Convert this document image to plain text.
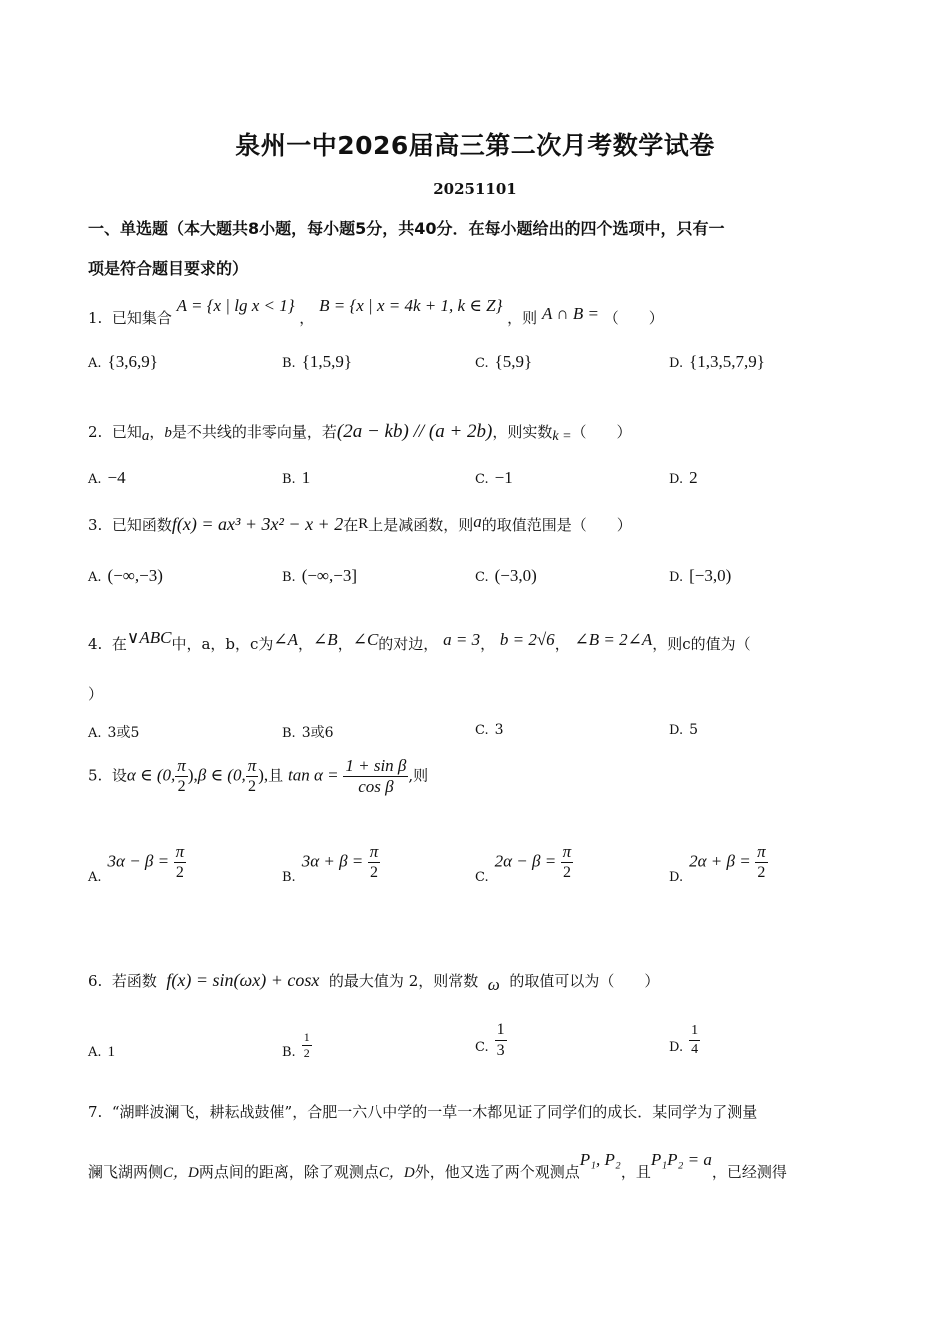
泉州一中2026届高三第二次月考数学试卷
20251101
一、单选题（本大题共8小题，每小题5分，共40分．在每小题给出的四个选项中，只有一
项是符合题目要求的）
1. 已知集合 A = {x | lg x < 1} ， B = {x | x = 4k + 1, k ∈ Z} ，则 A ∩ B = （　　）
A. {3,6,9}	B. {1,5,9}	C. {5,9}	D. {1,3,5,7,9}
2. 已知a，b是不共线的非零向量，若(2a − kb) // (a + 2b)，则实数k =（　　）
A. −4	B. 1	C. −1	D. 2
3. 已知函数f(x) = ax³ + 3x² − x + 2在R上是减函数，则a的取值范围是（　　）
A. (−∞,−3)	B. (−∞,−3]	C. (−3,0)	D. [−3,0)
4. 在∨ABC中，a，b，c为∠A，∠B，∠C的对边， a = 3， b = 2√6， ∠B = 2∠A，则c的值为（
）
A. 3或5	B. 3或6	C. 3	D. 5
5. 设α ∈ (0, $\frac{\pi}{2} ),\beta$ ∈ (0, $\frac{\pi}{2}$ ),且 $\tan \alpha = \frac{\text{1 + sin β}}{\text{cos β}}$ ,则
$A.3\alpha - \beta = \frac{\pi}{2}$	$B.3\alpha + \beta = \frac{\pi}{2}$	$C.2\alpha - \beta = \frac{\pi}{2}$	$D.2\alpha + \beta = \frac{\pi}{2}$
6. 若函数 f(x) = sin(ωx) + cosx 的最大值为 2，则常数 ω 的取值可以为（　　）
A. 1	B. $\frac{1}{2}$	C. $\frac{1}{3}$	D. $\frac{1}{4}$
7. “湖畔波澜飞，耕耘战鼓催”，合肥一六八中学的一草一木都见证了同学们的成长．某同学为了测量
澜飞湖两侧C，D两点间的距离，除了观测点C，D外，他又选了两个观测点P₁, P₂，且P₁P₂ = a，已经测得
